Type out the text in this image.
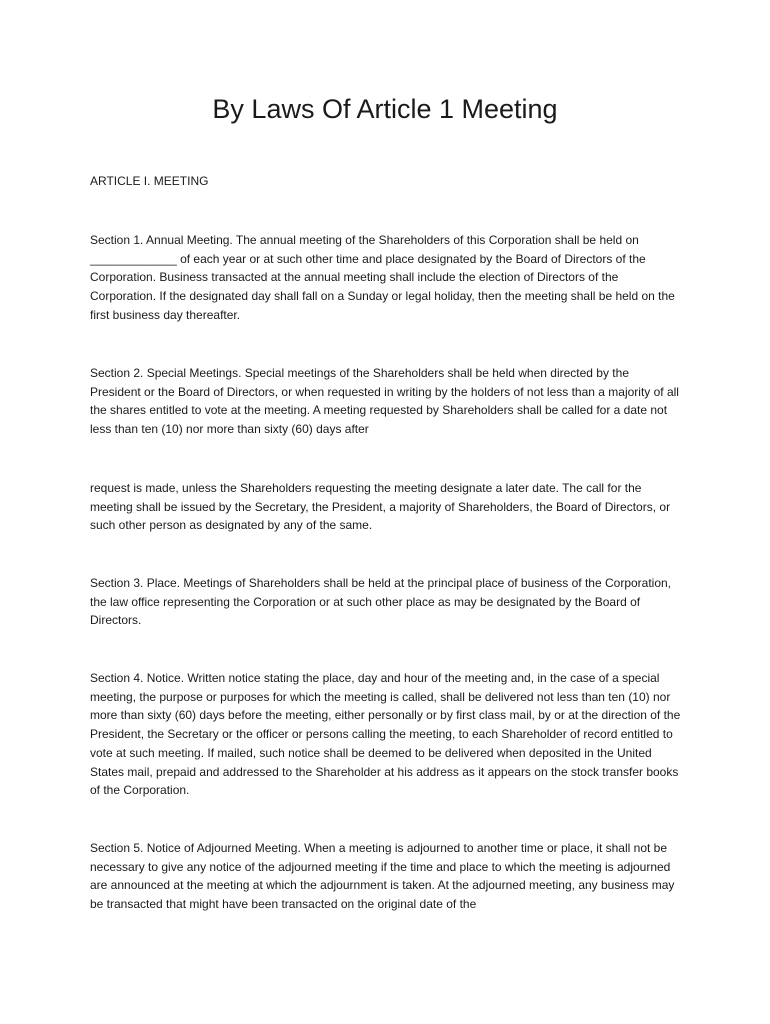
By Laws Of Article 1 Meeting

ARTICLE I. MEETING

Section 1. Annual Meeting. The annual meeting of the Shareholders of this Corporation shall be held on _____________ of each year or at such other time and place designated by the Board of Directors of the Corporation. Business transacted at the annual meeting shall include the election of Directors of the Corporation. If the designated day shall fall on a Sunday or legal holiday, then the meeting shall be held on the first business day thereafter.

Section 2. Special Meetings. Special meetings of the Shareholders shall be held when directed by the President or the Board of Directors, or when requested in writing by the holders of not less than a majority of all the shares entitled to vote at the meeting. A meeting requested by Shareholders shall be called for a date not less than ten (10) nor more than sixty (60) days after

request is made, unless the Shareholders requesting the meeting designate a later date. The call for the meeting shall be issued by the Secretary, the President, a majority of Shareholders, the Board of Directors, or such other person as designated by any of the same.

Section 3. Place. Meetings of Shareholders shall be held at the principal place of business of the Corporation, the law office representing the Corporation or at such other place as may be designated by the Board of Directors.

Section 4. Notice. Written notice stating the place, day and hour of the meeting and, in the case of a special meeting, the purpose or purposes for which the meeting is called, shall be delivered not less than ten (10) nor more than sixty (60) days before the meeting, either personally or by first class mail, by or at the direction of the President, the Secretary or the officer or persons calling the meeting, to each Shareholder of record entitled to vote at such meeting. If mailed, such notice shall be deemed to be delivered when deposited in the United States mail, prepaid and addressed to the Shareholder at his address as it appears on the stock transfer books of the Corporation.

Section 5. Notice of Adjourned Meeting. When a meeting is adjourned to another time or place, it shall not be necessary to give any notice of the adjourned meeting if the time and place to which the meeting is adjourned are announced at the meeting at which the adjournment is taken. At the adjourned meeting, any business may be transacted that might have been transacted on the original date of the
